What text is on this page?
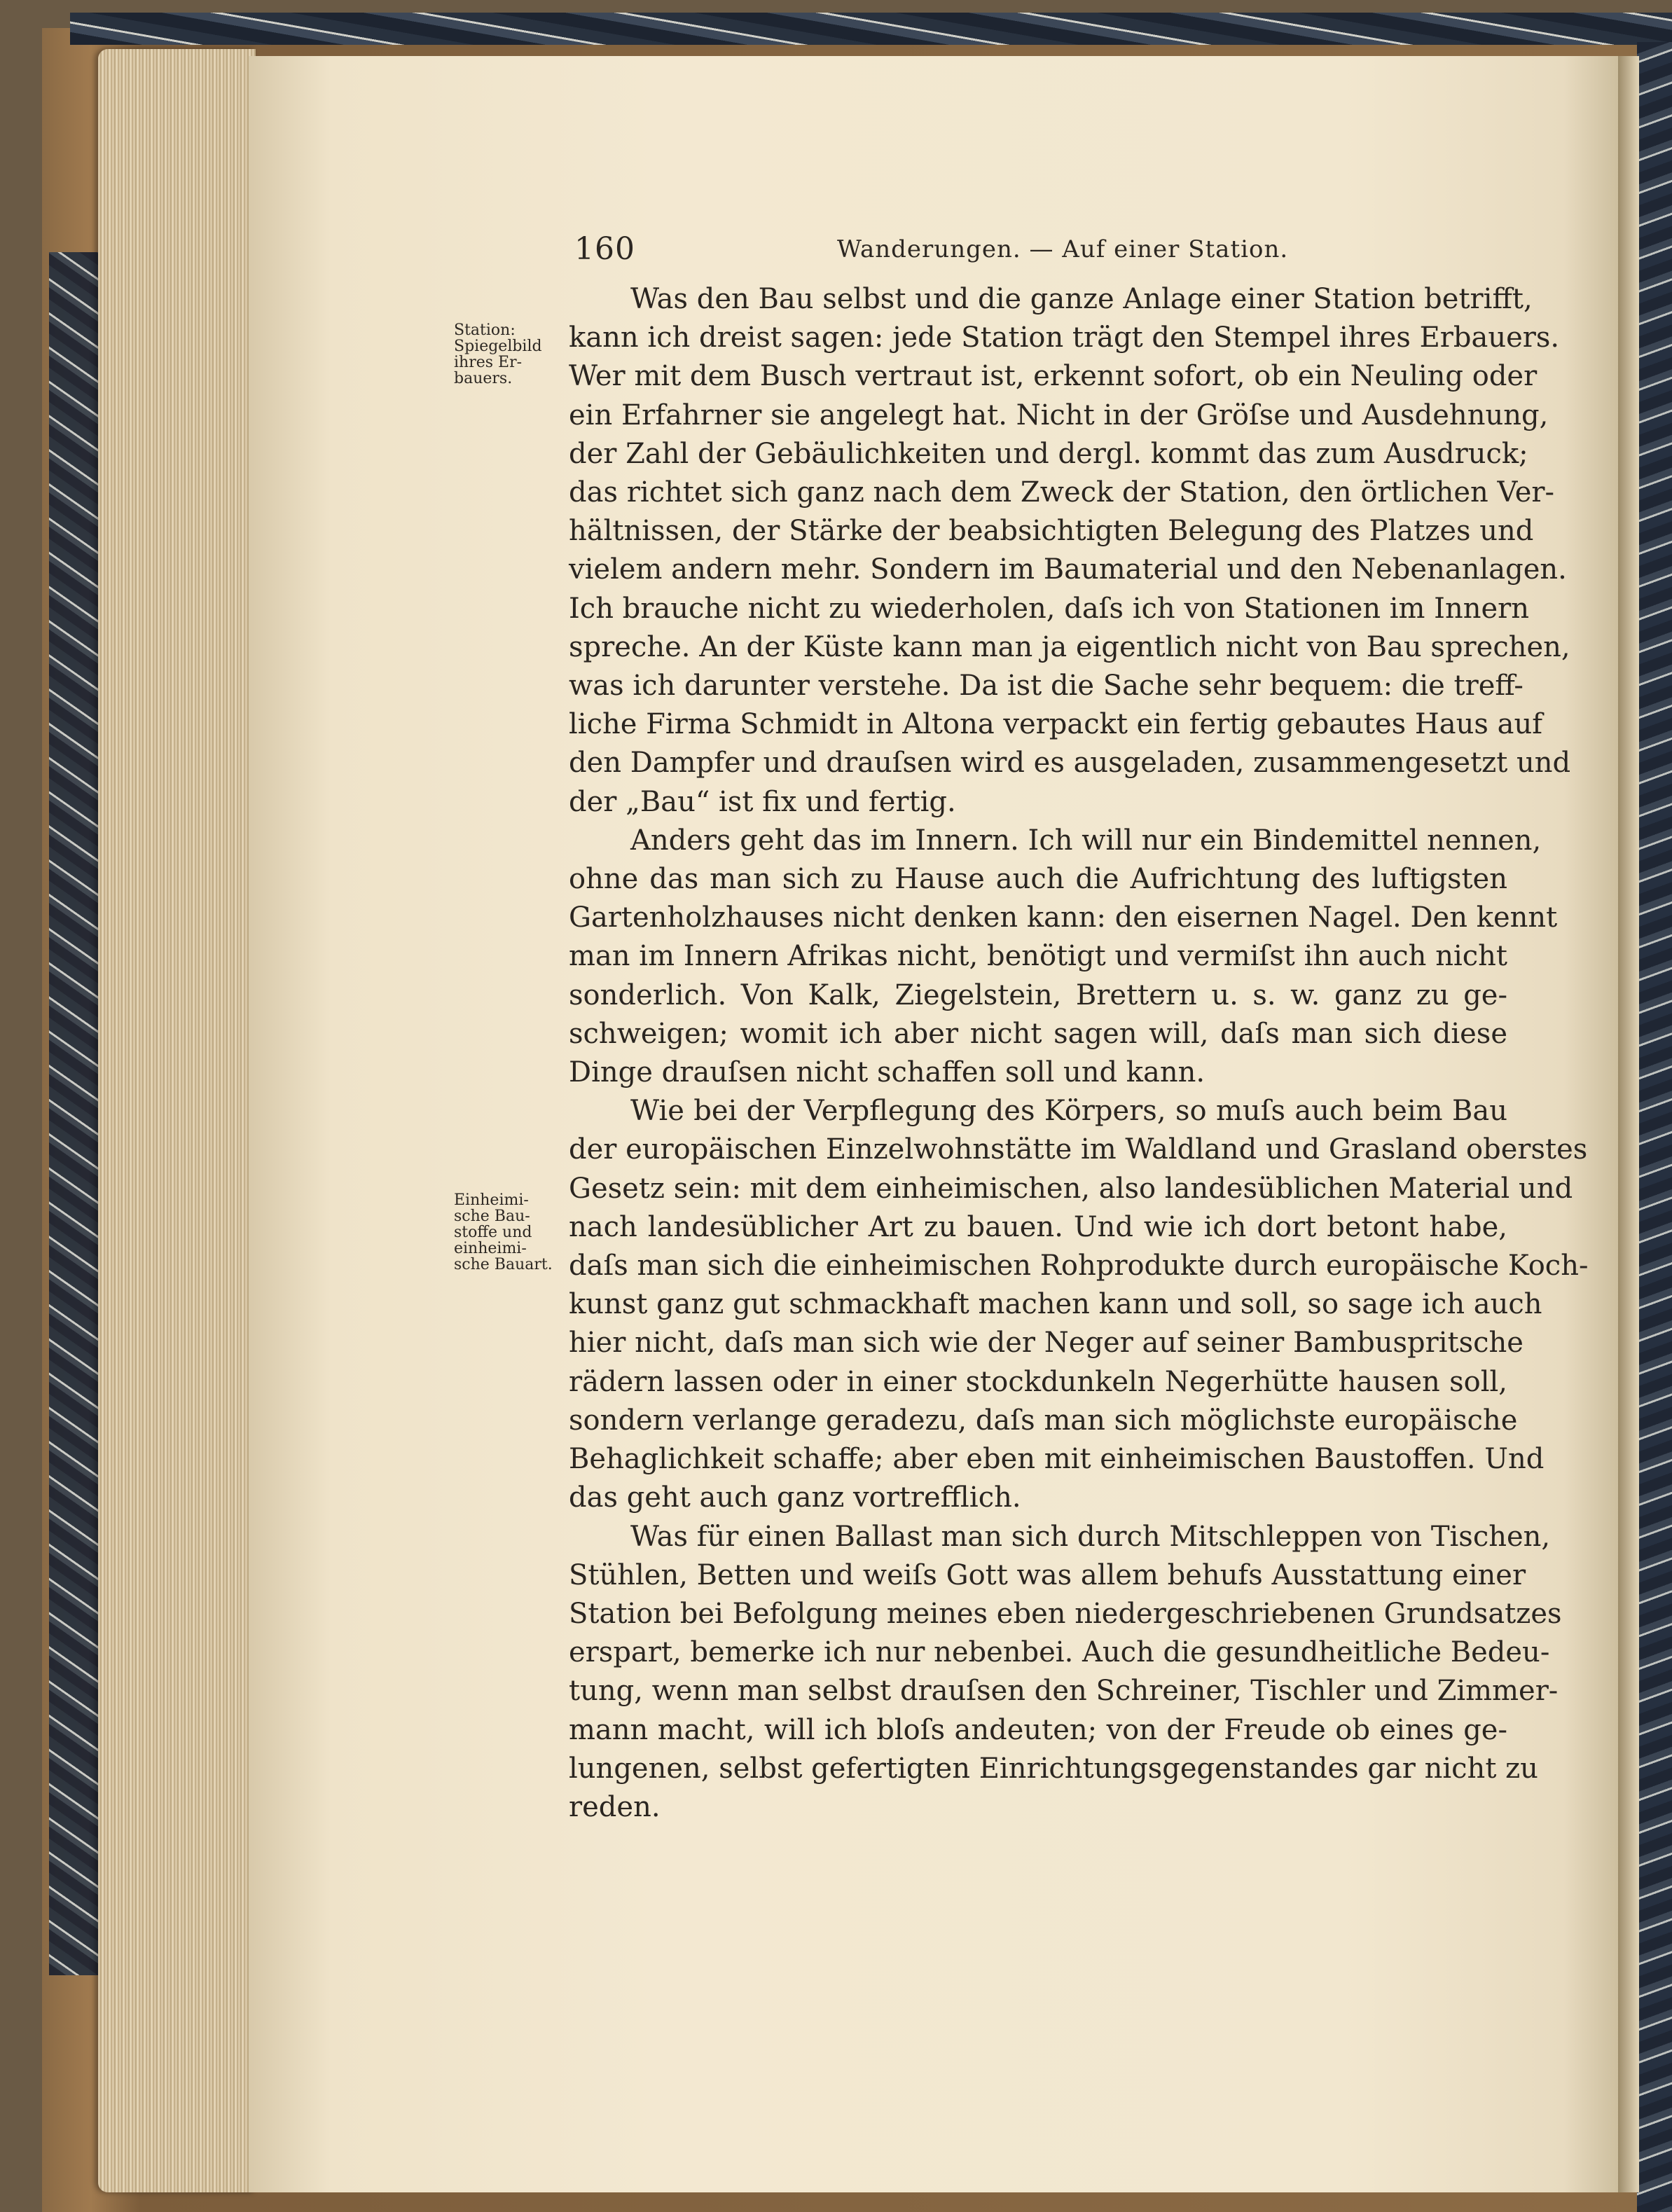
160	Wanderungen. — Auf einer Station.
Station:
Spiegelbild
ihres Er-
bauers.
Einheimi-
sche Bau-
stoffe und
einheimi-
sche Bauart.
Was den Bau selbst und die ganze Anlage einer Station betrifft,
kann ich dreist sagen: jede Station trägt den Stempel ihres Erbauers.
Wer mit dem Busch vertraut ist, erkennt sofort, ob ein Neuling oder
ein Erfahrner sie angelegt hat. Nicht in der Gröſse und Ausdehnung,
der Zahl der Gebäulichkeiten und dergl. kommt das zum Ausdruck;
das richtet sich ganz nach dem Zweck der Station, den örtlichen Ver-
hältnissen, der Stärke der beabsichtigten Belegung des Platzes und
vielem andern mehr. Sondern im Baumaterial und den Nebenanlagen.
Ich brauche nicht zu wiederholen, daſs ich von Stationen im Innern
spreche. An der Küste kann man ja eigentlich nicht von Bau sprechen,
was ich darunter verstehe. Da ist die Sache sehr bequem: die treff-
liche Firma Schmidt in Altona verpackt ein fertig gebautes Haus auf
den Dampfer und drauſsen wird es ausgeladen, zusammengesetzt und
der „Bau“ ist fix und fertig.
Anders geht das im Innern. Ich will nur ein Bindemittel nennen,
ohne das man sich zu Hause auch die Aufrichtung des luftigsten
Gartenholzhauses nicht denken kann: den eisernen Nagel. Den kennt
man im Innern Afrikas nicht, benötigt und vermiſst ihn auch nicht
sonderlich. Von Kalk, Ziegelstein, Brettern u. s. w. ganz zu ge-
schweigen; womit ich aber nicht sagen will, daſs man sich diese
Dinge drauſsen nicht schaffen soll und kann.
Wie bei der Verpflegung des Körpers, so muſs auch beim Bau
der europäischen Einzelwohnstätte im Waldland und Grasland oberstes
Gesetz sein: mit dem einheimischen, also landesüblichen Material und
nach landesüblicher Art zu bauen. Und wie ich dort betont habe,
daſs man sich die einheimischen Rohprodukte durch europäische Koch-
kunst ganz gut schmackhaft machen kann und soll, so sage ich auch
hier nicht, daſs man sich wie der Neger auf seiner Bambuspritsche
rädern lassen oder in einer stockdunkeln Negerhütte hausen soll,
sondern verlange geradezu, daſs man sich möglichste europäische
Behaglichkeit schaffe; aber eben mit einheimischen Baustoffen. Und
das geht auch ganz vortrefflich.
Was für einen Ballast man sich durch Mitschleppen von Tischen,
Stühlen, Betten und weiſs Gott was allem behufs Ausstattung einer
Station bei Befolgung meines eben niedergeschriebenen Grundsatzes
erspart, bemerke ich nur nebenbei. Auch die gesundheitliche Bedeu-
tung, wenn man selbst drauſsen den Schreiner, Tischler und Zimmer-
mann macht, will ich bloſs andeuten; von der Freude ob eines ge-
lungenen, selbst gefertigten Einrichtungsgegenstandes gar nicht zu
reden.
